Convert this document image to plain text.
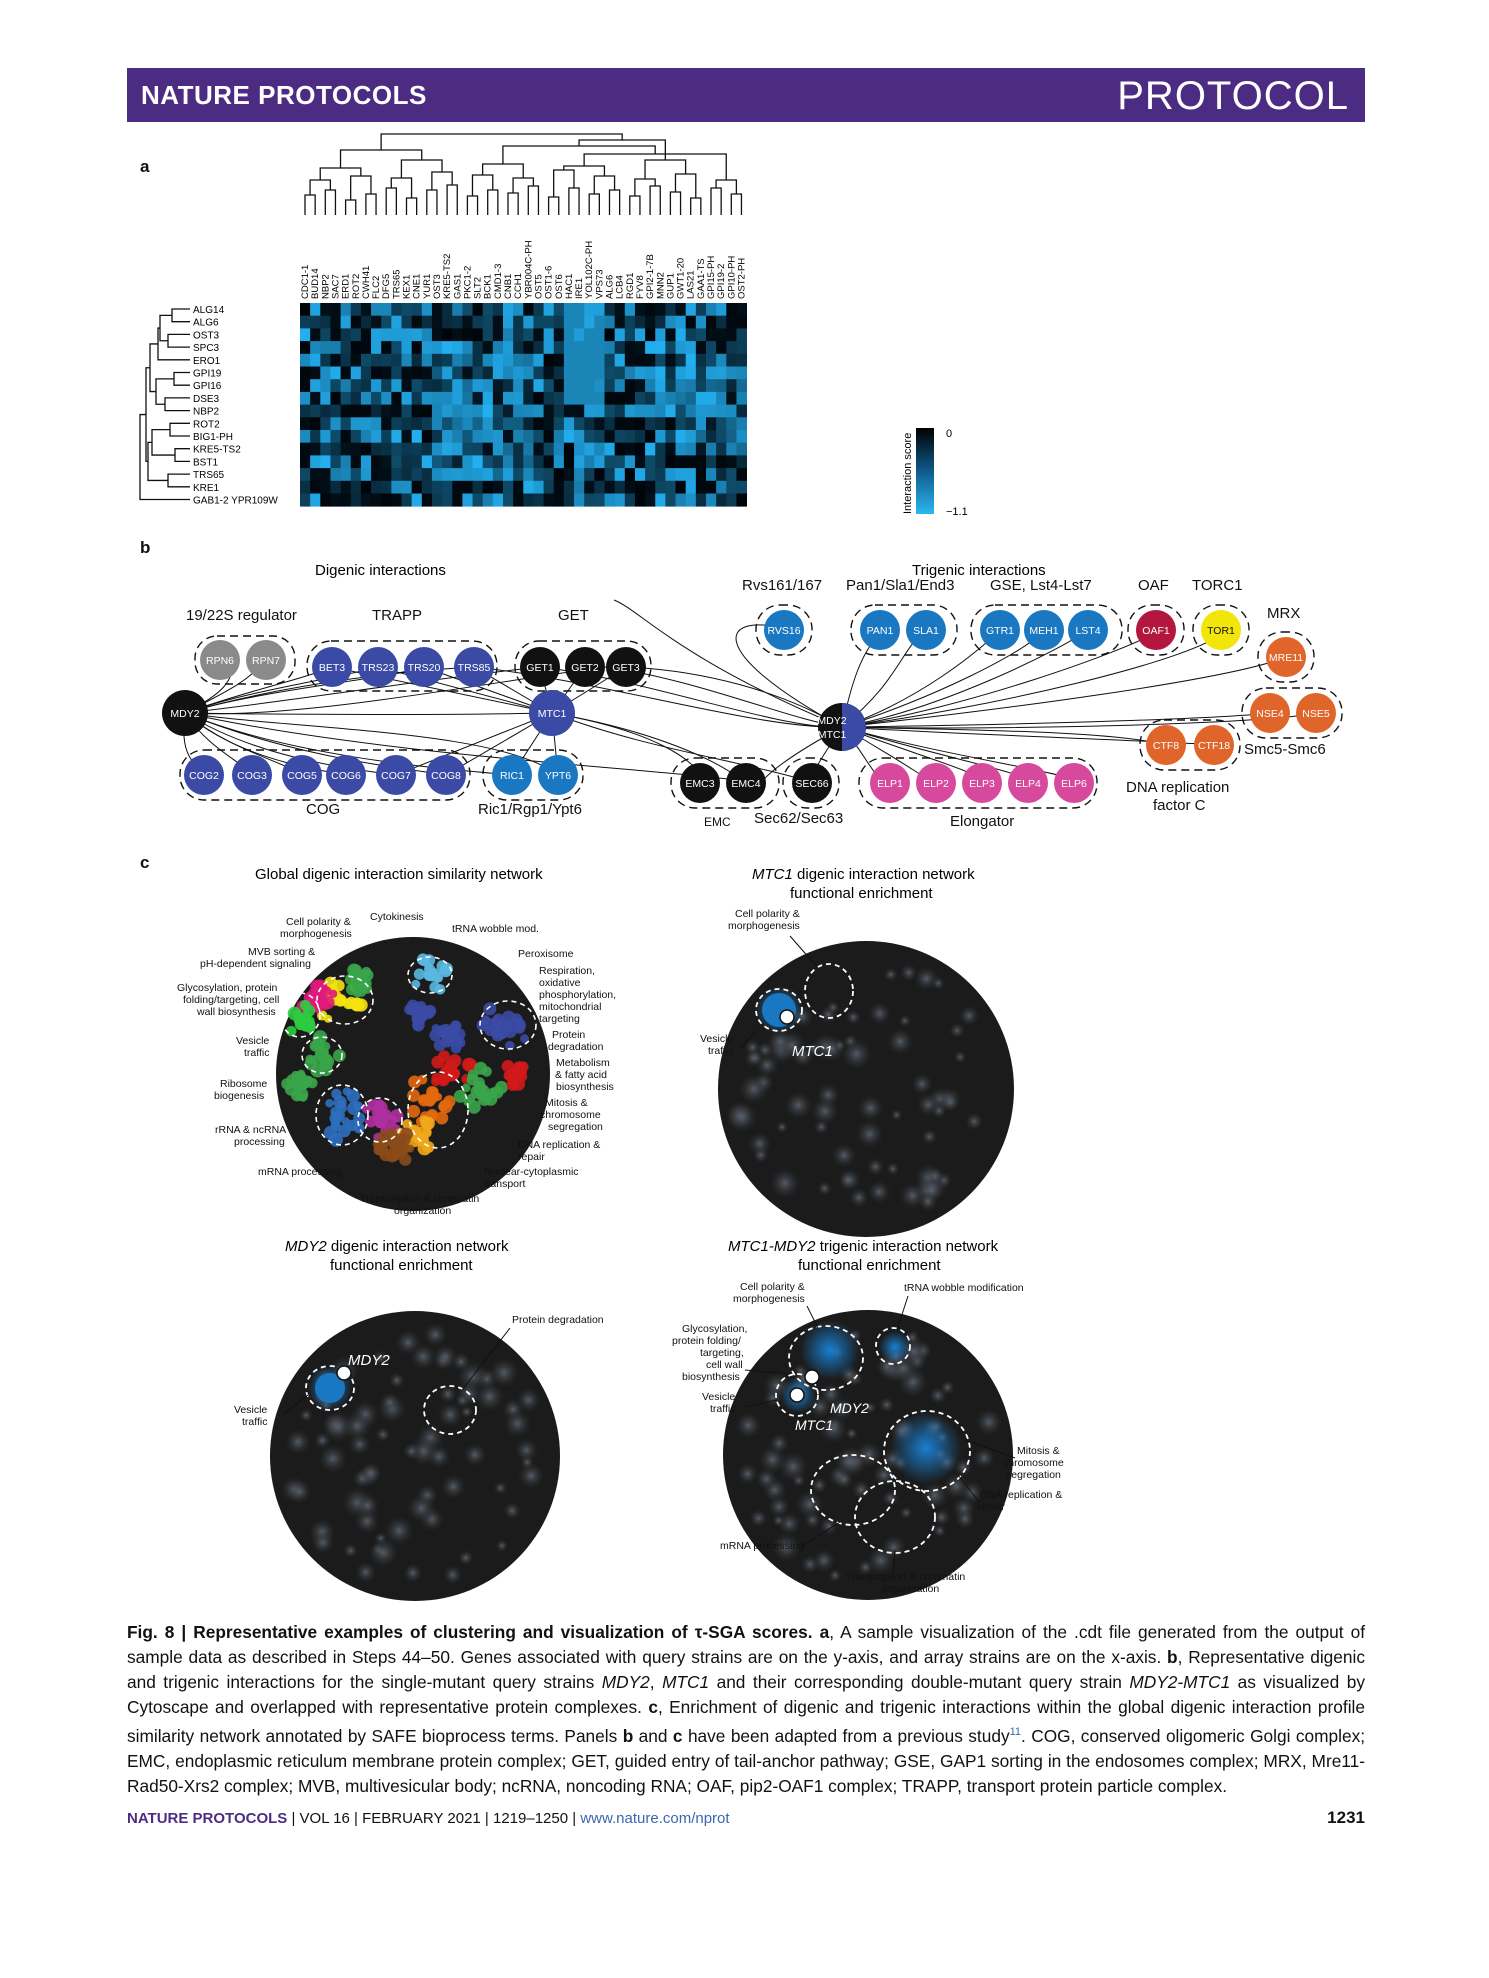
NATURE PROTOCOLS	PROTOCOL
a
b
c
CDC1-1 BUD14 NBP2 SAC7 ERD1 ROT2 CWH41 FLC2 DFG5 TRS65 KEX1 CNE1 YUR1 OST3 KRE5-TS2 GAS1 PKC1-2 SLT2 BCK1 CMD1-3 CNB1 CCH1 YBR004C-PH OST5 OST1-6 OST6 HAC1 IRE1 YOL102C-PH VPS73 ALG6 LCB4 RGD1 FYV8 GPI2-1-7B MNN2 GUP1 GWT1-20 LAS21 GAA1-TS GPI15-PH GPI19-2 GPI10-PH OST2-PH
ALG14
ALG6
OST3
SPC3
ERO1
GPI19
GPI16
DSE3
NBP2
ROT2
BIG1-PH
KRE5-TS2
BST1
TRS65
KRE1
GAB1-2 YPR109W
0
−1.1
Interaction score
Digenic interactions	Trigenic interactions
RPN6 RPN7
BET3 TRS23 TRS20 TRS85	GET1 GET2 GET3
COG2 COG3 COG5 COG6 COG7 COG8	RIC1 YPT6
EMC3 EMC4	SEC66	ELP1 ELP2 ELP3 ELP4 ELP6
RVS16	PAN1 SLA1	GTR1 MEH1 LST4	OAF1	TOR1
MRE11
NSE4 NSE5
CTF8 CTF18
MDY2	MTC1
MDY2
MTC1
19/22S regulator	TRAPP	GET
Rvs161/167 Pan1/Sla1/End3 GSE, Lst4-Lst7	OAF TORC1
MRX
Smc5-Smc6
DNA replication
factor C
COG	Ric1/Rgp1/Ypt6
EMC Sec62/Sec63	Elongator
Global digenic interaction similarity network
Cell polarity &
morphogenesis
Cytokinesis
tRNA wobble mod.
MVB sorting &
pH-dependent signaling
Peroxisome
Glycosylation, protein
folding/targeting, cell
wall biosynthesis
Respiration,
oxidative
phosphorylation,
mitochondrial
targeting
Protein
degradation
Vesicle
traffic
Metabolism
& fatty acid
biosynthesis
Ribosome
biogenesis
Mitosis &
chromosome
segregation
rRNA & ncRNA
processing	DNA replication &
repair
mRNA processing	Nuclear-cytoplasmic
transport
Transcription & chromatin
organization
MTC1 digenic interaction network
functional enrichment
MTC1
Cell polarity &
morphogenesis
Vesicle
traffic
MDY2 digenic interaction network
functional enrichment
MDY2
Protein degradation
Vesicle
traffic
MTC1-MDY2 trigenic interaction network
functional enrichment
MDY2
MTC1
Cell polarity &
morphogenesis
tRNA wobble modification
Glycosylation,
protein folding/
targeting,
cell wall
biosynthesis
Vesicle
traffic
Mitosis &
chromosome
segregation
DNA replication &
repair
mRNA processing
Transcription & chromatin
organization
Fig. 8 | Representative examples of clustering and visualization of τ-SGA scores. a, A sample visualization of the .cdt file generated from the output of sample data as described in Steps 44–50. Genes associated with query strains are on the y-axis, and array strains are on the x-axis. b, Representative digenic and trigenic interactions for the single-mutant query strains MDY2, MTC1 and their corresponding double-mutant query strain MDY2-MTC1 as visualized by Cytoscape and overlapped with representative protein complexes. c, Enrichment of digenic and trigenic interactions within the global digenic interaction profile similarity network annotated by SAFE bioprocess terms. Panels b and c have been adapted from a previous study$^{11}$. COG, conserved oligomeric Golgi complex; EMC, endoplasmic reticulum membrane protein complex; GET, guided entry of tail-anchor pathway; GSE, GAP1 sorting in the endosomes complex; MRX, Mre11-Rad50-Xrs2 complex; MVB, multivesicular body; ncRNA, noncoding RNA; OAF, pip2-OAF1 complex; TRAPP, transport protein particle complex.
NATURE PROTOCOLS | VOL 16 | FEBRUARY 2021 | 1219–1250 | www.nature.com/nprot	1231
